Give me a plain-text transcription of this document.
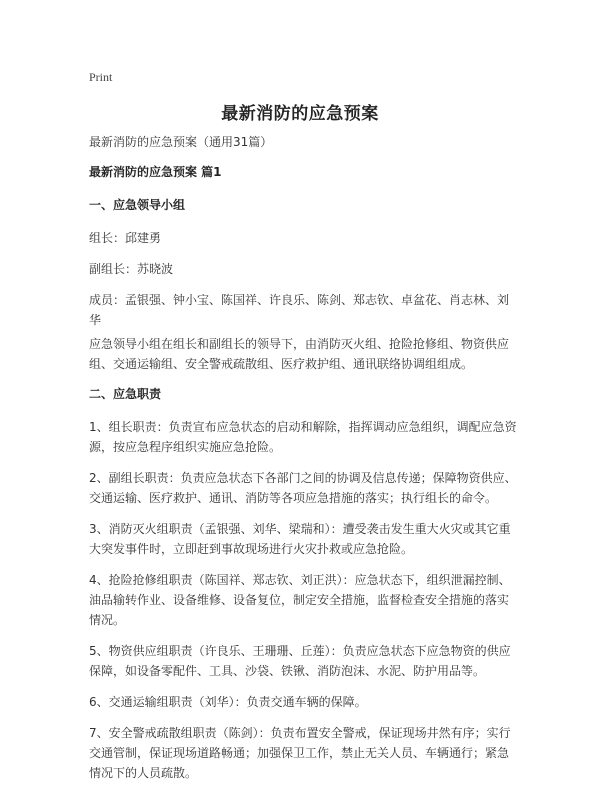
Print
最新消防的应急预案
最新消防的应急预案（通用31篇）
最新消防的应急预案 篇1
一、应急领导小组
组长：邱建勇
副组长：苏晓波
成员：孟银强、钟小宝、陈国祥、许良乐、陈剑、郑志钦、卓盆花、肖志林、刘华
应急领导小组在组长和副组长的领导下，由消防灭火组、抢险抢修组、物资供应组、交通运输组、安全警戒疏散组、医疗救护组、通讯联络协调组组成。
二、应急职责
1、组长职责：负责宣布应急状态的启动和解除，指挥调动应急组织，调配应急资源，按应急程序组织实施应急抢险。
2、副组长职责：负责应急状态下各部门之间的协调及信息传递；保障物资供应、交通运输、医疗救护、通讯、消防等各项应急措施的落实；执行组长的命令。
3、消防灭火组职责（孟银强、刘华、梁瑞和）：遭受袭击发生重大火灾或其它重大突发事件时，立即赶到事故现场进行火灾扑救或应急抢险。
4、抢险抢修组职责（陈国祥、郑志钦、刘正洪）：应急状态下，组织泄漏控制、油品输转作业、设备维修、设备复位，制定安全措施，监督检查安全措施的落实情况。
5、物资供应组职责（许良乐、王珊珊、丘莲）：负责应急状态下应急物资的供应保障，如设备零配件、工具、沙袋、铁锹、消防泡沫、水泥、防护用品等。
6、交通运输组职责（刘华）：负责交通车辆的保障。
7、安全警戒疏散组职责（陈剑）：负责布置安全警戒，保证现场井然有序；实行交通管制，保证现场道路畅通；加强保卫工作，禁止无关人员、车辆通行；紧急情况下的人员疏散。
